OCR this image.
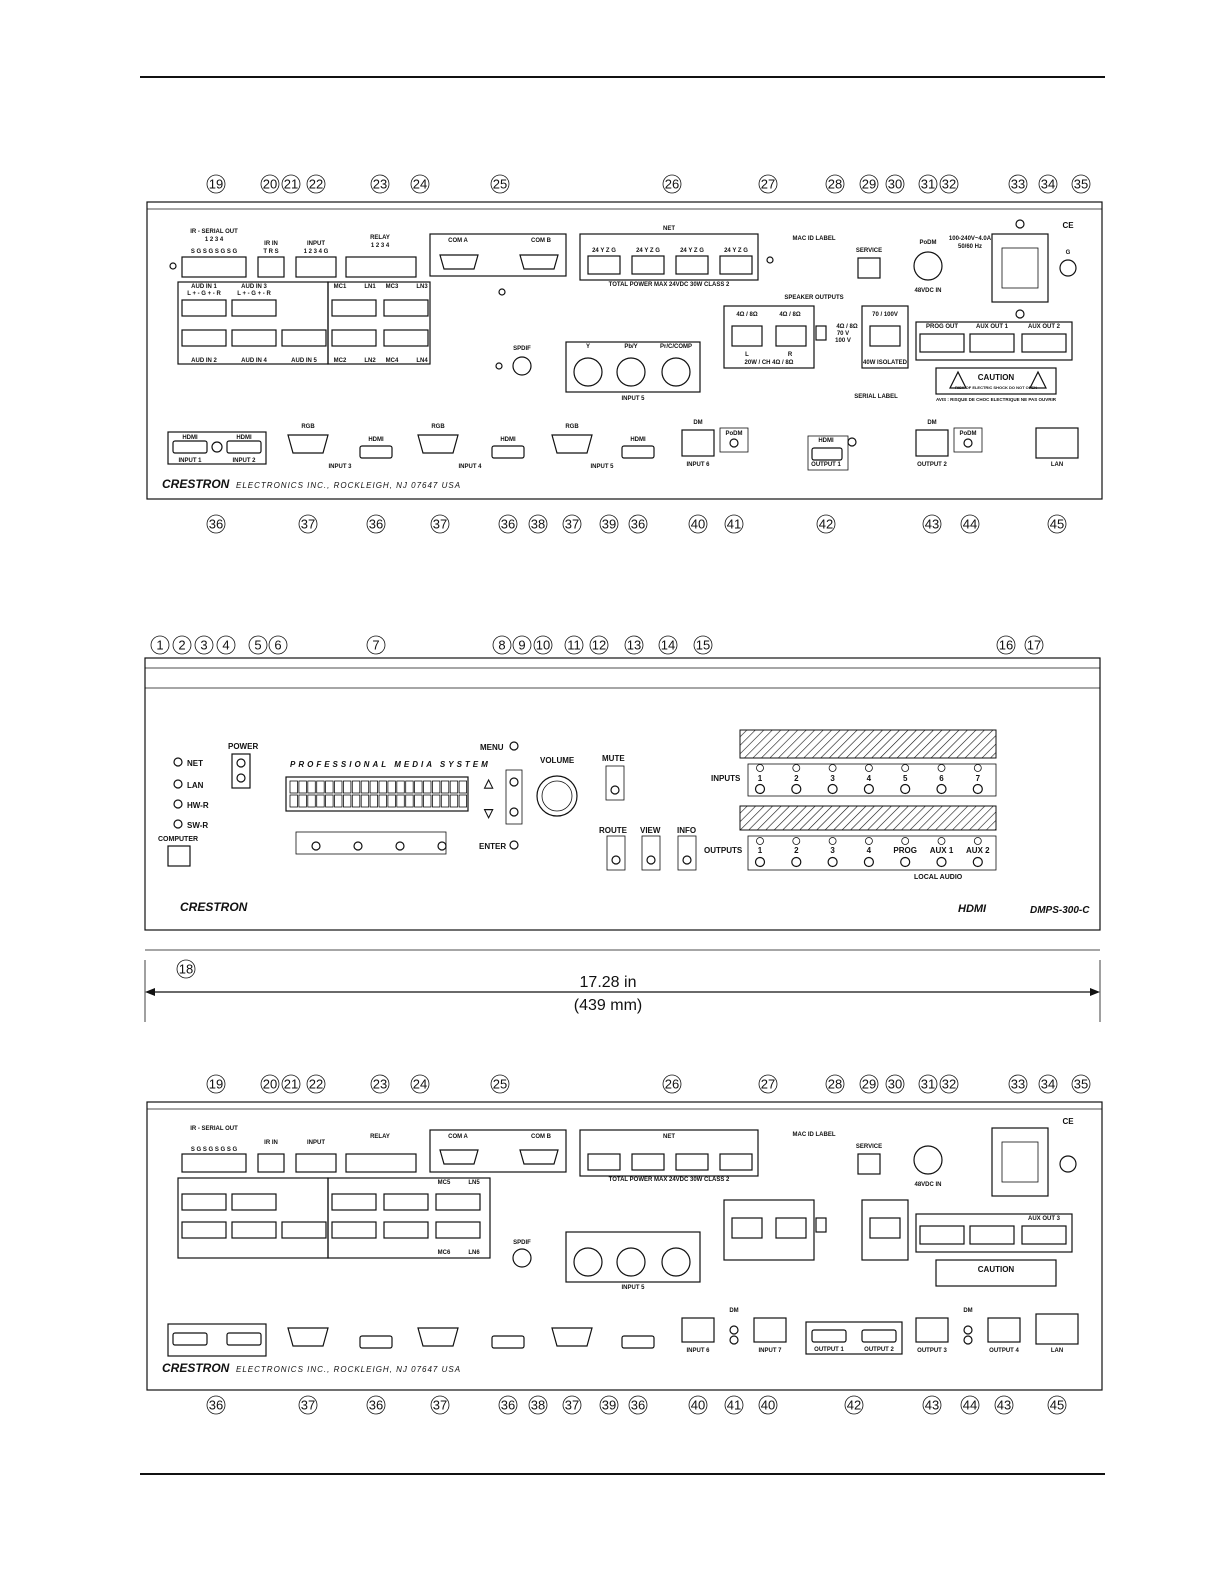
19	20 21 22	23 24	25	26	27	28 29 30 31 32	33 34 35
36	37	36	37	36 38 37 39 36	40 41	42	43 44	45
IR - SERIAL OUT
1 2 3 4
S G S G S G S G
IR IN
T R S
INPUT
1 2 3 4 G
RELAY
1 2 3 4
COM A	COM B
NET
24 Y Z G	24 Y Z G	24 Y Z G	24 Y Z G
TOTAL POWER MAX 24VDC 30W CLASS 2
MAC ID LABEL
SERVICE
PoDM
48VDC IN
100-240V~4.0A
50/60 Hz
CE
G
AUD IN 1	AUD IN 3
L + - G + - R	L + - G + - R
AUD IN 2	AUD IN 4	AUD IN 5
MC1	LN1 MC3	LN3
MC2	LN2 MC4	LN4
SPDIF	Y	Pb/Y	Pr/C/COMP
INPUT 5
SPEAKER OUTPUTS
4Ω / 8Ω	4Ω / 8Ω
L	R
20W / CH 4Ω / 8Ω
4Ω / 8Ω
70 V
100 V
70 / 100V
40W ISOLATED
PROG OUT	AUX OUT 1	AUX OUT 2
CAUTION
RISK OF ELECTRIC SHOCK DO NOT OPEN
AVIS : RISQUE DE CHOC ELECTRIQUE NE PAS OUVRIR
SERIAL LABEL
HDMI	HDMI
INPUT 1	INPUT 2
RGB
HDMI
INPUT 3
RGB
HDMI
INPUT 4
RGB
HDMI
INPUT 5
DM
PoDM
INPUT 6
HDMI
OUTPUT 1
DM
PoDM
OUTPUT 2	LAN
CRESTRON ELECTRONICS INC., ROCKLEIGH, NJ 07647 USA
1 2 3 4 5 6	7	8 9 10 11 12 13 14 15	16 17
18
NET
LAN
HW-R
SW-R
POWER
COMPUTER
PROFESSIONAL MEDIA SYSTEM
MENU
△
▽
ENTER
VOLUME	MUTE
ROUTE VIEW INFO
INPUTS 1	2	3	4	5	6	7
OUTPUTS 1	2	3	4	PROG AUX 1 AUX 2
LOCAL AUDIO
CRESTRON	HDMI	DMPS-300-C
17.28 in
(439 mm)
19	20 21 22	23 24	25	26	27	28 29 30 31 32	33 34 35
36	37	36	37	36 38 37 39 36	40 41 40	42	43 44 43	45
IR - SERIAL OUT
S G S G S G S G
IR IN	INPUT
RELAY	COM A	COM B	NET
TOTAL POWER MAX 24VDC 30W CLASS 2
MAC ID LABEL
SERVICE
48VDC IN
CE
MC5	LN5
MC6	LN6
SPDIF
INPUT 5
AUX OUT 3
CAUTION
DM
INPUT 6	INPUT 7	OUTPUT 1	OUTPUT 2
DM
OUTPUT 3	OUTPUT 4	LAN
CRESTRON ELECTRONICS INC., ROCKLEIGH, NJ 07647 USA
